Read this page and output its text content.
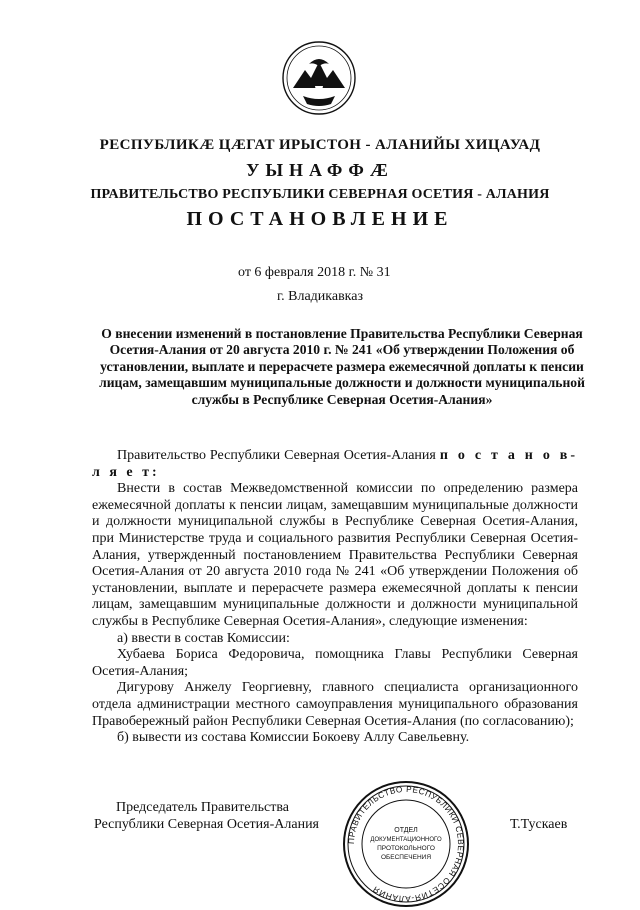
РЕСПУБЛИКӔ ЦӔГАТ ИРЫСТОН - АЛАНИЙЫ ХИЦАУАД
УЫНАФФӔ
ПРАВИТЕЛЬСТВО РЕСПУБЛИКИ СЕВЕРНАЯ ОСЕТИЯ - АЛАНИЯ
ПОСТАНОВЛЕНИЕ
от 6 февраля 2018 г. № 31
г. Владикавказ
О внесении изменений в постановление Правительства Республики Северная Осетия-Алания от 20 августа 2010 г. № 241 «Об утверждении Положения об установлении, выплате и перерасчете размера ежемесячной доплаты к пенсии лицам, замещавшим муниципальные должности и должности муниципальной службы в Республике Северная Осетия-Алания»

Правительство Республики Северная Осетия-Алания п о с т а н о в- л я е т:

Внести в состав Межведомственной комиссии по определению размера ежемесячной доплаты к пенсии лицам, замещавшим муниципальные должности и должности муниципальной службы в Республике Северная Осетия-Алания, при Министерстве труда и социального развития Республики Северная Осетия-Алания, утвержденный постановлением Правительства Республики Северная Осетия-Алания от 20 августа 2010 года № 241 «Об утверждении Положения об установлении, выплате и перерасчете размера ежемесячной доплаты к пенсии лицам, замещавшим муниципальные должности и должности муниципальной службы в Республике Северная Осетия-Алания», следующие изменения:

а) ввести в состав Комиссии:

Хубаева Бориса Федоровича, помощника Главы Республики Северная Осетия-Алания;

Дигурову Анжелу Георгиевну, главного специалиста организационного отдела администрации местного самоуправления муниципального образования Правобережный район Республики Северная Осетия-Алания (по согласованию);

б) вывести из состава Комиссии Бокоеву Аллу Савельевну.

Председатель Правительства
Республики Северная Осетия-Алания	Т.Тускаев
ПРАВИТЕЛЬСТВО РЕСПУБЛИКИ СЕВЕРНАЯ ОСЕТИЯ-АЛАНИЯ
ОТДЕЛ
ДОКУМЕНТАЦИОННОГО
ПРОТОКОЛЬНОГО
ОБЕСПЕЧЕНИЯ
